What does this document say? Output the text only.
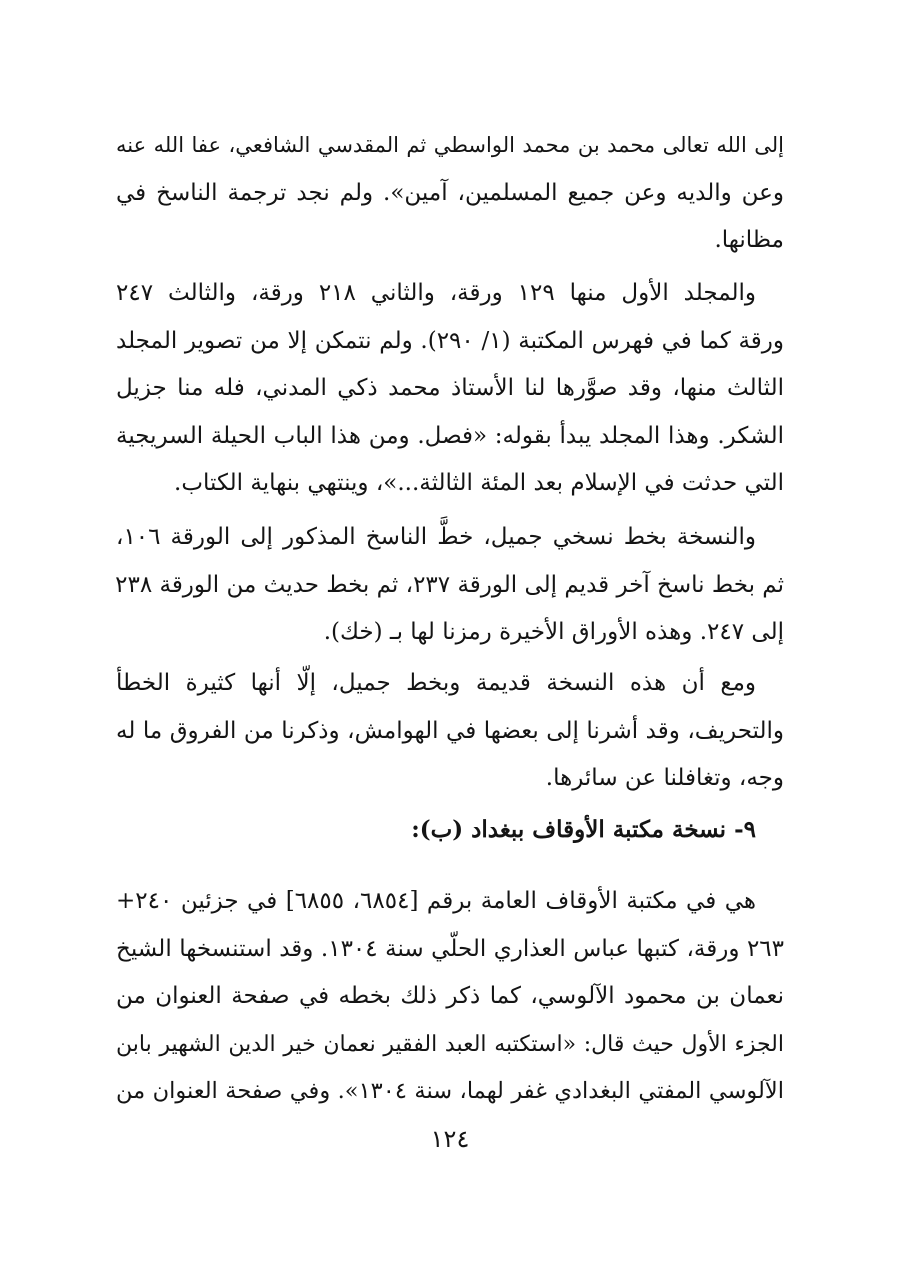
إلى الله تعالى محمد بن محمد الواسطي ثم المقدسي الشافعي، عفا الله عنه
وعن والديه وعن جميع المسلمين، آمين». ولم نجد ترجمة الناسخ في
مظانها.
والمجلد الأول منها ١٢٩ ورقة، والثاني ٢١٨ ورقة، والثالث ٢٤٧
ورقة كما في فهرس المكتبة (١/ ٢٩٠). ولم نتمكن إلا من تصوير المجلد
الثالث منها، وقد صوَّرها لنا الأستاذ محمد ذكي المدني، فله منا جزيل
الشكر. وهذا المجلد يبدأ بقوله: «فصل. ومن هذا الباب الحيلة السريجية
التي حدثت في الإسلام بعد المئة الثالثة...»، وينتهي بنهاية الكتاب.
والنسخة بخط نسخي جميل، خطَّ الناسخ المذكور إلى الورقة ١٠٦،
ثم بخط ناسخ آخر قديم إلى الورقة ٢٣٧، ثم بخط حديث من الورقة ٢٣٨
إلى ٢٤٧. وهذه الأوراق الأخيرة رمزنا لها بـ (خك).
ومع أن هذه النسخة قديمة وبخط جميل، إلّا أنها كثيرة الخطأ
والتحريف، وقد أشرنا إلى بعضها في الهوامش، وذكرنا من الفروق ما له
وجه، وتغافلنا عن سائرها.
٩- نسخة مكتبة الأوقاف ببغداد (ب):
هي في مكتبة الأوقاف العامة برقم [٦٨٥٤، ٦٨٥٥] في جزئين ٢٤٠+
٢٦٣ ورقة، كتبها عباس العذاري الحلّي سنة ١٣٠٤. وقد استنسخها الشيخ
نعمان بن محمود الآلوسي، كما ذكر ذلك بخطه في صفحة العنوان من
الجزء الأول حيث قال: «استكتبه العبد الفقير نعمان خير الدين الشهير بابن
الآلوسي المفتي البغدادي غفر لهما، سنة ١٣٠٤». وفي صفحة العنوان من
١٢٤
